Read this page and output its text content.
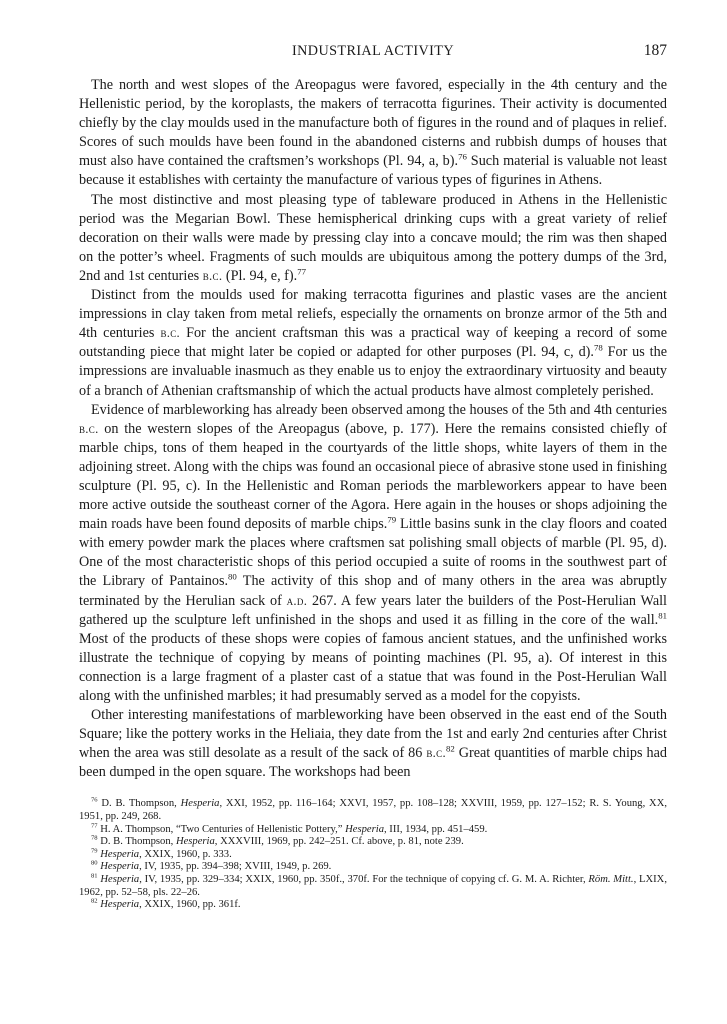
INDUSTRIAL ACTIVITY	187

The north and west slopes of the Areopagus were favored, especially in the 4th century and the Hellenistic period, by the koroplasts, the makers of terracotta figurines. Their activity is documented chiefly by the clay moulds used in the manufacture both of figures in the round and of plaques in relief. Scores of such moulds have been found in the abandoned cisterns and rubbish dumps of houses that must also have contained the craftsmen’s workshops (Pl. 94, a, b).$^{76}$ Such material is valuable not least because it establishes with certainty the manufacture of various types of figurines in Athens.

The most distinctive and most pleasing type of tableware produced in Athens in the Hellenistic period was the Megarian Bowl. These hemispherical drinking cups with a great variety of relief decoration on their walls were made by pressing clay into a concave mould; the rim was then shaped on the potter’s wheel. Fragments of such moulds are ubiquitous among the pottery dumps of the 3rd, 2nd and 1st centuries b.c. (Pl. 94, e, f).$^{77}$

Distinct from the moulds used for making terracotta figurines and plastic vases are the ancient impressions in clay taken from metal reliefs, especially the ornaments on bronze armor of the 5th and 4th centuries b.c. For the ancient craftsman this was a practical way of keeping a record of some outstanding piece that might later be copied or adapted for other purposes (Pl. 94, c, d).$^{78}$ For us the impressions are invaluable inasmuch as they enable us to enjoy the extraordinary virtuosity and beauty of a branch of Athenian craftsmanship of which the actual products have almost completely perished.

Evidence of marbleworking has already been observed among the houses of the 5th and 4th centuries b.c. on the western slopes of the Areopagus (above, p. 177). Here the remains consisted chiefly of marble chips, tons of them heaped in the courtyards of the little shops, white layers of them in the adjoining street. Along with the chips was found an occasional piece of abrasive stone used in finishing sculpture (Pl. 95, c). In the Hellenistic and Roman periods the marbleworkers appear to have been more active outside the southeast corner of the Agora. Here again in the houses or shops adjoining the main roads have been found deposits of marble chips.$^{79}$ Little basins sunk in the clay floors and coated with emery powder mark the places where craftsmen sat polishing small objects of marble (Pl. 95, d). One of the most characteristic shops of this period occupied a suite of rooms in the southwest part of the Library of Pantainos.$^{80}$ The activity of this shop and of many others in the area was abruptly terminated by the Herulian sack of a.d. 267. A few years later the builders of the Post-Herulian Wall gathered up the sculpture left unfinished in the shops and used it as filling in the core of the wall.$^{81}$ Most of the products of these shops were copies of famous ancient statues, and the unfinished works illustrate the technique of copying by means of pointing machines (Pl. 95, a). Of interest in this connection is a large fragment of a plaster cast of a statue that was found in the Post-Herulian Wall along with the unfinished marbles; it had presumably served as a model for the copyists.

Other interesting manifestations of marbleworking have been observed in the east end of the South Square; like the pottery works in the Heliaia, they date from the 1st and early 2nd centuries after Christ when the area was still desolate as a result of the sack of 86 b.c.$^{82}$ Great quantities of marble chips had been dumped in the open square. The workshops had been

$^{76}$ D. B. Thompson, Hesperia, XXI, 1952, pp. 116–164; XXVI, 1957, pp. 108–128; XXVIII, 1959, pp. 127–152; R. S. Young, XX, 1951, pp. 249, 268.

$^{77}$ H. A. Thompson, “Two Centuries of Hellenistic Pottery,” Hesperia, III, 1934, pp. 451–459.

$^{78}$ D. B. Thompson, Hesperia, XXXVIII, 1969, pp. 242–251. Cf. above, p. 81, note 239.

$^{79}$ Hesperia, XXIX, 1960, p. 333.

$^{80}$ Hesperia, IV, 1935, pp. 394–398; XVIII, 1949, p. 269.

$^{81}$ Hesperia, IV, 1935, pp. 329–334; XXIX, 1960, pp. 350f., 370f. For the technique of copying cf. G. M. A. Richter, Röm. Mitt., LXIX, 1962, pp. 52–58, pls. 22–26.

$^{82}$ Hesperia, XXIX, 1960, pp. 361f.
